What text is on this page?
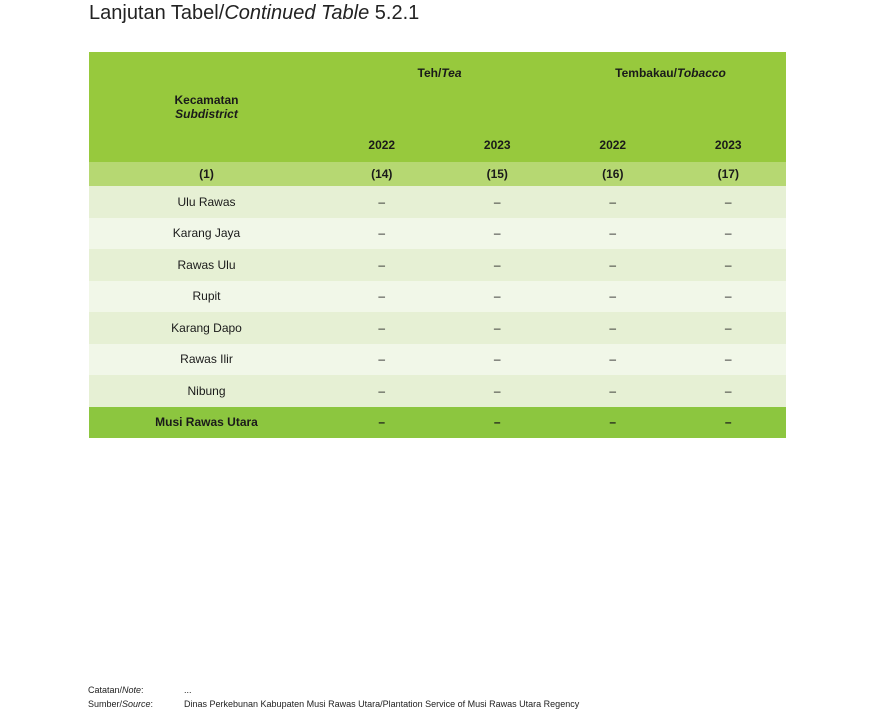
Lanjutan Tabel/Continued Table 5.2.1
Kecamatan
Subdistrict	Teh/Tea		Tembakau/Tobacco	
	2022	2023	2022	2023
(1)	(14)	(15)	(16)	(17)
Ulu Rawas	–	–	–	–
Karang Jaya	–	–	–	–
Rawas Ulu	–	–	–	–
Rupit	–	–	–	–
Karang Dapo	–	–	–	–
Rawas Ilir	–	–	–	–
Nibung	–	–	–	–
Musi Rawas Utara	–	–	–	–
Catatan/Note:	...
Sumber/Source:	Dinas Perkebunan Kabupaten Musi Rawas Utara/Plantation Service of Musi Rawas Utara Regency
